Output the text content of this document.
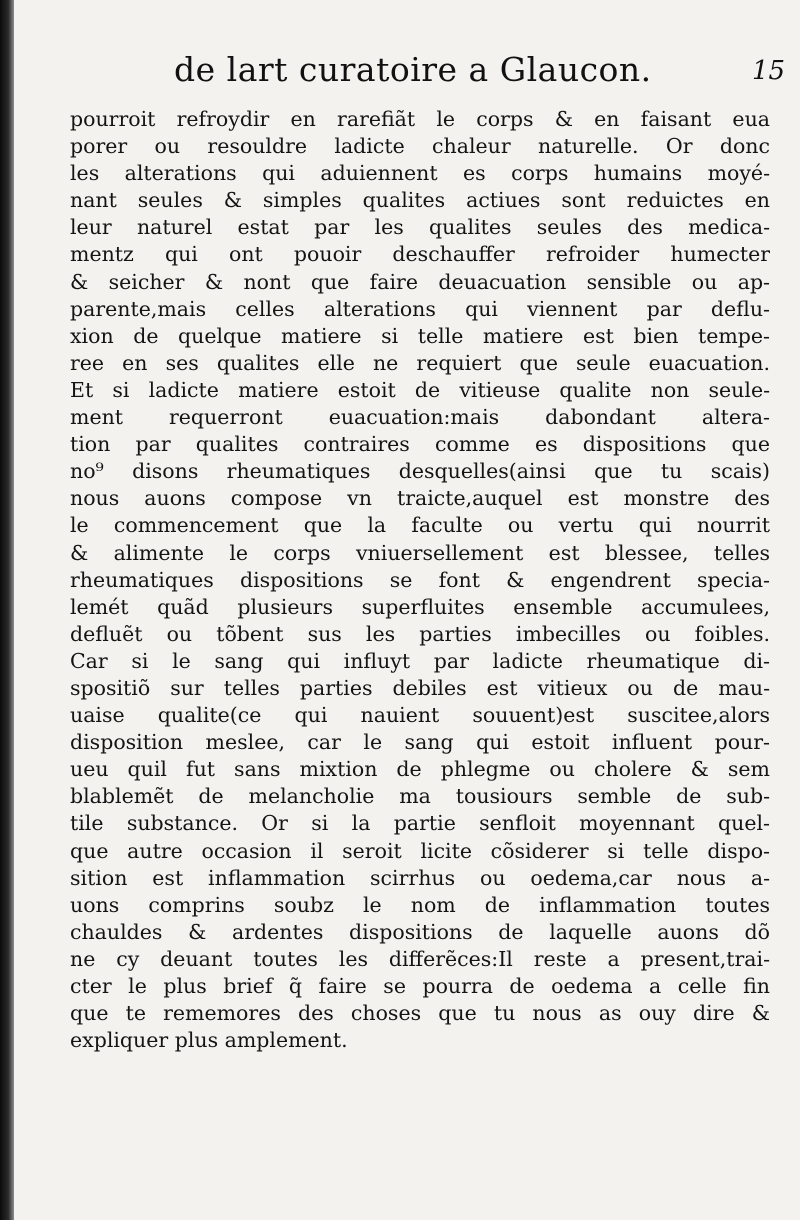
de lart curatoire a Glaucon.	15
pourroit refroydir en rarefiãt le corps & en faisant eua
porer ou resouldre ladicte chaleur naturelle. Or donc
les alterations qui aduiennent es corps humains moyé-
nant seules & simples qualites actiues sont reduictes en
leur naturel estat par les qualites seules des medica-
mentz qui ont pouoir deschauffer refroider humecter
& seicher & nont que faire deuacuation sensible ou ap-
parente,mais celles alterations qui viennent par deflu-
xion de quelque matiere si telle matiere est bien tempe-
ree en ses qualites elle ne requiert que seule euacuation.
Et si ladicte matiere estoit de vitieuse qualite non seule-
ment requerront euacuation:mais dabondant altera-
tion par qualites contraires comme es dispositions que
no⁹ disons rheumatiques desquelles(ainsi que tu scais)
nous auons compose vn traicte,auquel est monstre des
le commencement que la faculte ou vertu qui nourrit
& alimente le corps vniuersellement est blessee, telles
rheumatiques dispositions se font & engendrent specia-
lemét quãd plusieurs superfluites ensemble accumulees,
defluẽt ou tõbent sus les parties imbecilles ou foibles.
Car si le sang qui influyt par ladicte rheumatique di-
spositiõ sur telles parties debiles est vitieux ou de mau-
uaise qualite(ce qui nauient souuent)est suscitee,alors
disposition meslee, car le sang qui estoit influent pour-
ueu quil fut sans mixtion de phlegme ou cholere & sem
blablemẽt de melancholie ma tousiours semble de sub-
tile substance. Or si la partie senfloit moyennant quel-
que autre occasion il seroit licite cõsiderer si telle dispo-
sition est inflammation scirrhus ou oedema,car nous a-
uons comprins soubz le nom de inflammation toutes
chauldes & ardentes dispositions de laquelle auons dõ
ne cy deuant toutes les differẽces:Il reste a present,trai-
cter le plus brief q̃ faire se pourra de oedema a celle fin
que te rememores des choses que tu nous as ouy dire &
expliquer plus amplement.
